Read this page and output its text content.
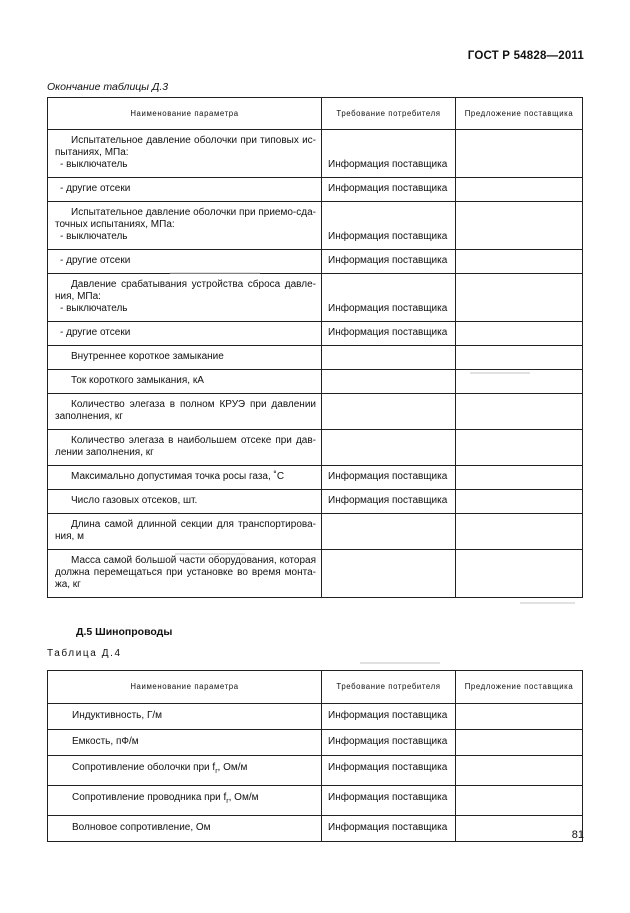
ГОСТ Р 54828—2011
Окончание таблицы Д.3
Наименование параметра	Требование потребителя	Предложение поставщика

Испытательное давление оболочки при типовых испытаниях, МПа:
- выключатель	Информация поставщика	

- другие отсеки	Информация поставщика	

Испытательное давление оболочки при приемо-сдаточных испытаниях, МПа:
- выключатель	Информация поставщика	

- другие отсеки	Информация поставщика	

Давление срабатывания устройства сброса давления, МПа:
- выключатель	Информация поставщика	

- другие отсеки	Информация поставщика	

Внутреннее короткое замыкание		

Ток короткого замыкания, кА		

Количество элегаза в полном КРУЭ при давлении заполнения, кг		

Количество элегаза в наибольшем отсеке при давлении заполнения, кг		

Максимально допустимая точка росы газа, ˚С	Информация поставщика	

Число газовых отсеков, шт.	Информация поставщика	

Длина самой длинной секции для транспортирования, м		

Масса самой большой части оборудования, которая должна перемещаться при установке во время монтажа, кг		

Д.5 Шинопроводы
Таблица Д.4
Наименование параметра	Требование потребителя	Предложение поставщика
Индуктивность, Г/м	Информация поставщика	
Емкость, пФ/м	Информация поставщика	
Сопротивление оболочки при $f_r$, Ом/м	Информация поставщика	
Сопротивление проводника при $f_r$, Ом/м	Информация поставщика	
Волновое сопротивление, Ом	Информация поставщика	
81
